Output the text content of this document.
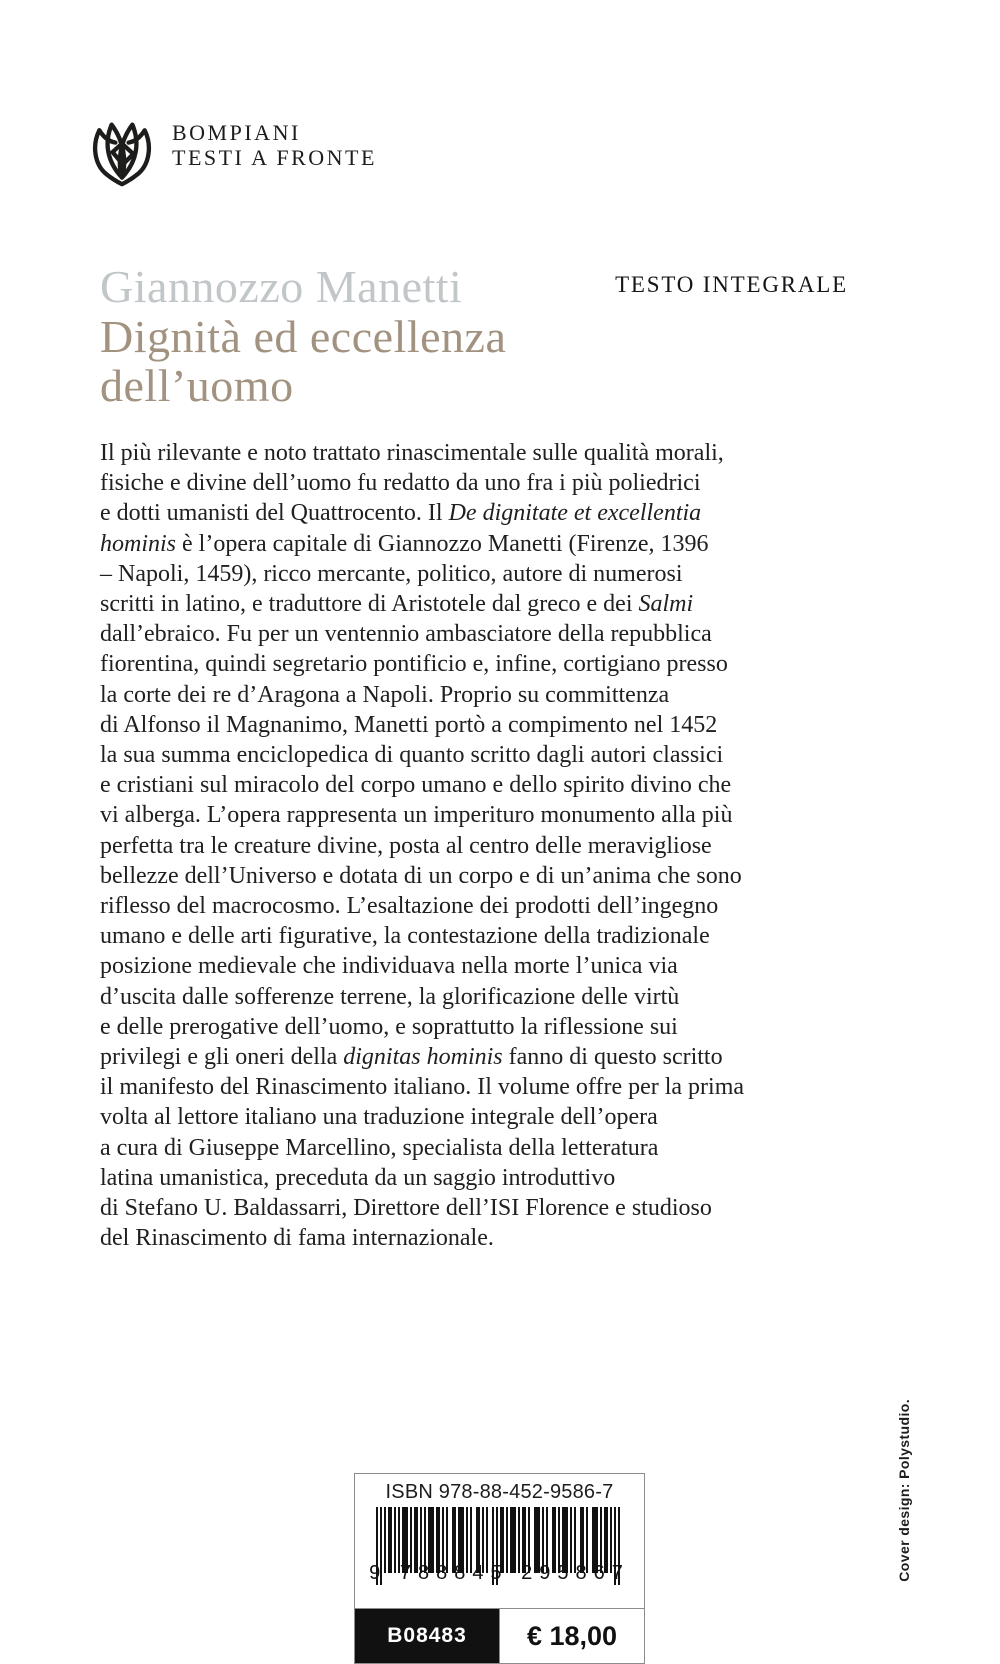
BOMPIANI
TESTI A FRONTE
TESTO INTEGRALE
Giannozzo Manetti
Dignità ed eccellenza
dell’uomo
Il più rilevante e noto trattato rinascimentale sulle qualità morali,
fisiche e divine dell’uomo fu redatto da uno fra i più poliedrici
e dotti umanisti del Quattrocento. Il De dignitate et excellentia
hominis è l’opera capitale di Giannozzo Manetti (Firenze, 1396
– Napoli, 1459), ricco mercante, politico, autore di numerosi
scritti in latino, e traduttore di Aristotele dal greco e dei Salmi
dall’ebraico. Fu per un ventennio ambasciatore della repubblica
fiorentina, quindi segretario pontificio e, infine, cortigiano presso
la corte dei re d’Aragona a Napoli. Proprio su committenza
di Alfonso il Magnanimo, Manetti portò a compimento nel 1452
la sua summa enciclopedica di quanto scritto dagli autori classici
e cristiani sul miracolo del corpo umano e dello spirito divino che
vi alberga. L’opera rappresenta un imperituro monumento alla più
perfetta tra le creature divine, posta al centro delle meravigliose
bellezze dell’Universo e dotata di un corpo e di un’anima che sono
riflesso del macrocosmo. L’esaltazione dei prodotti dell’ingegno
umano e delle arti figurative, la contestazione della tradizionale
posizione medievale che individuava nella morte l’unica via
d’uscita dalle sofferenze terrene, la glorificazione delle virtù
e delle prerogative dell’uomo, e soprattutto la riflessione sui
privilegi e gli oneri della dignitas hominis fanno di questo scritto
il manifesto del Rinascimento italiano. Il volume offre per la prima
volta al lettore italiano una traduzione integrale dell’opera
a cura di Giuseppe Marcellino, specialista della letteratura
latina umanistica, preceduta da un saggio introduttivo
di Stefano U. Baldassarri, Direttore dell’ISI Florence e studioso
del Rinascimento di fama internazionale.
Cover design: Polystudio.
ISBN 978-88-452-9586-7
9 788845 295867
B08483	€ 18,00
